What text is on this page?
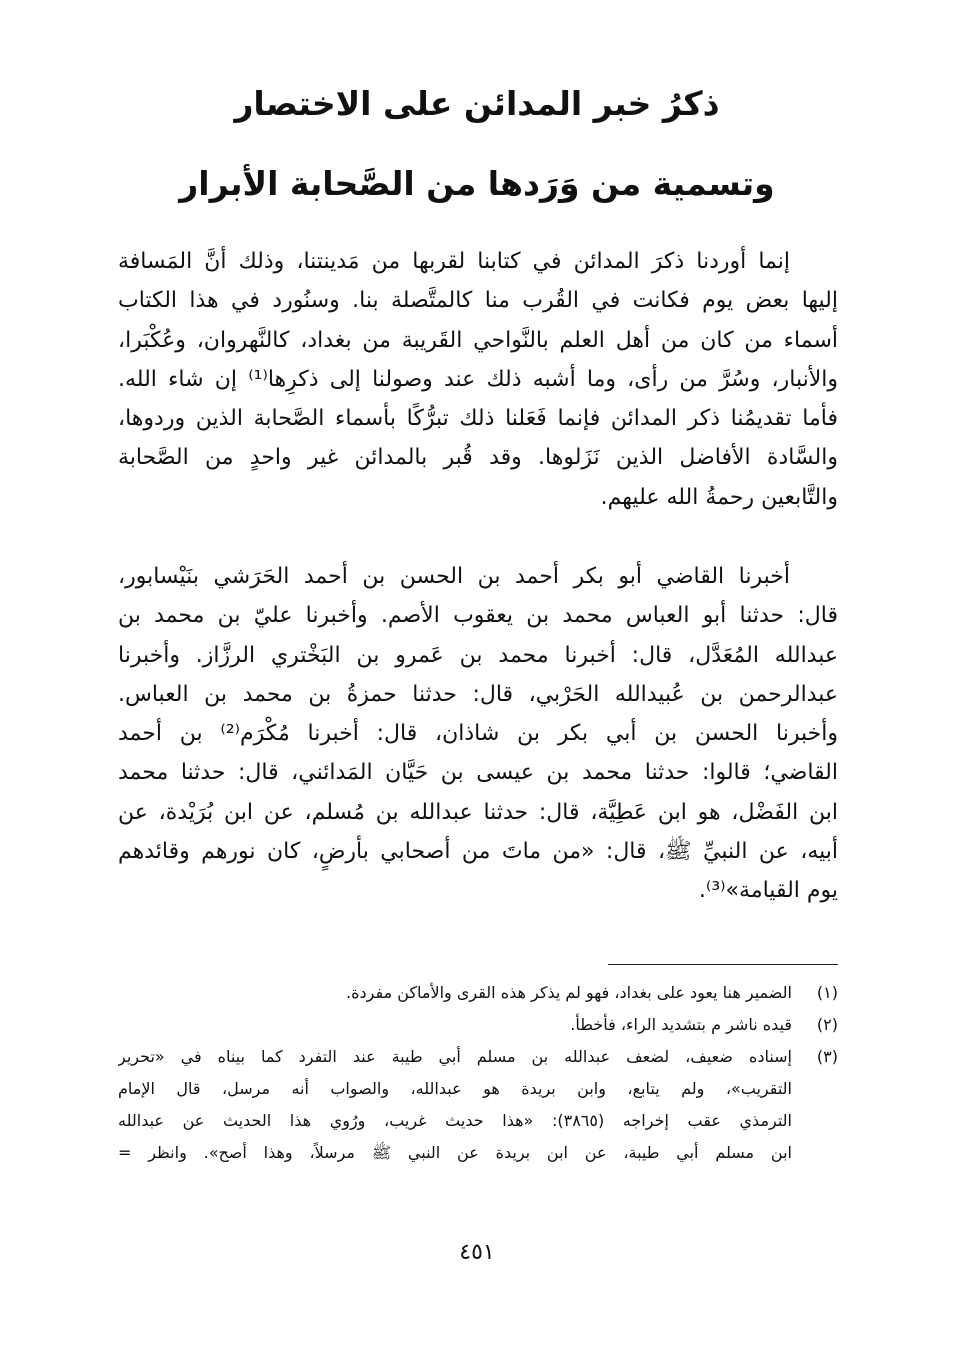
ذكرُ خبر المدائن على الاختصار
وتسمية من وَرَدها من الصَّحابة الأبرار
إنما أوردنا ذكرَ المدائن في كتابنا لقربها من مَدينتنا، وذلك أنَّ المَسافة
إليها بعض يوم فكانت في القُرب منا كالمتَّصلة بنا. وسنُورد في هذا الكتاب
أسماء من كان من أهل العلم بالنَّواحي القَريبة من بغداد، كالنَّهروان، وعُكْبَرا،
والأنبار، وسُرَّ من رأى، وما أشبه ذلك عند وصولنا إلى ذكرِها⁽¹⁾ إن شاء الله.
فأما تقديمُنا ذكر المدائن فإنما فَعَلنا ذلك تبرُّكًا بأسماء الصَّحابة الذين وردوها،
والسَّادة الأفاضل الذين نَزَلوها. وقد قُبر بالمدائن غير واحدٍ من الصَّحابة
والتَّابعين رحمةُ الله عليهم.
أخبرنا القاضي أبو بكر أحمد بن الحسن بن أحمد الحَرَشي بنَيْسابور،
قال: حدثنا أبو العباس محمد بن يعقوب الأصم. وأخبرنا عليّ بن محمد بن
عبدالله المُعَدَّل، قال: أخبرنا محمد بن عَمرو بن البَخْتري الرزَّاز. وأخبرنا
عبدالرحمن بن عُبيدالله الحَرْبي، قال: حدثنا حمزةُ بن محمد بن العباس.
وأخبرنا الحسن بن أبي بكر بن شاذان، قال: أخبرنا مُكْرَم⁽²⁾ بن أحمد
القاضي؛ قالوا: حدثنا محمد بن عيسى بن حَيَّان المَدائني، قال: حدثنا محمد
ابن الفَضْل، هو ابن عَطِيَّة، قال: حدثنا عبدالله بن مُسلم، عن ابن بُرَيْدة، عن
أبيه، عن النبيِّ ﷺ، قال: «من ماتَ من أصحابي بأرضٍ، كان نورهم وقائدهم
يوم القيامة»⁽³⁾.
(١)
الضمير هنا يعود على بغداد، فهو لم يذكر هذه القرى والأماكن مفردة.
(٢)
قيده ناشر م بتشديد الراء، فأخطأ.
(٣)
إسناده ضعيف، لضعف عبدالله بن مسلم أبي طيبة عند التفرد كما بيناه في «تحرير
التقريب»، ولم يتابع، وابن بريدة هو عبدالله، والصواب أنه مرسل، قال الإمام
الترمذي عقب إخراجه (٣٨٦٥): «هذا حديث غريب، ورُوي هذا الحديث عن عبدالله
ابن مسلم أبي طيبة، عن ابن بريدة عن النبي ﷺ مرسلاً، وهذا أصح». وانظر =
٤٥١
